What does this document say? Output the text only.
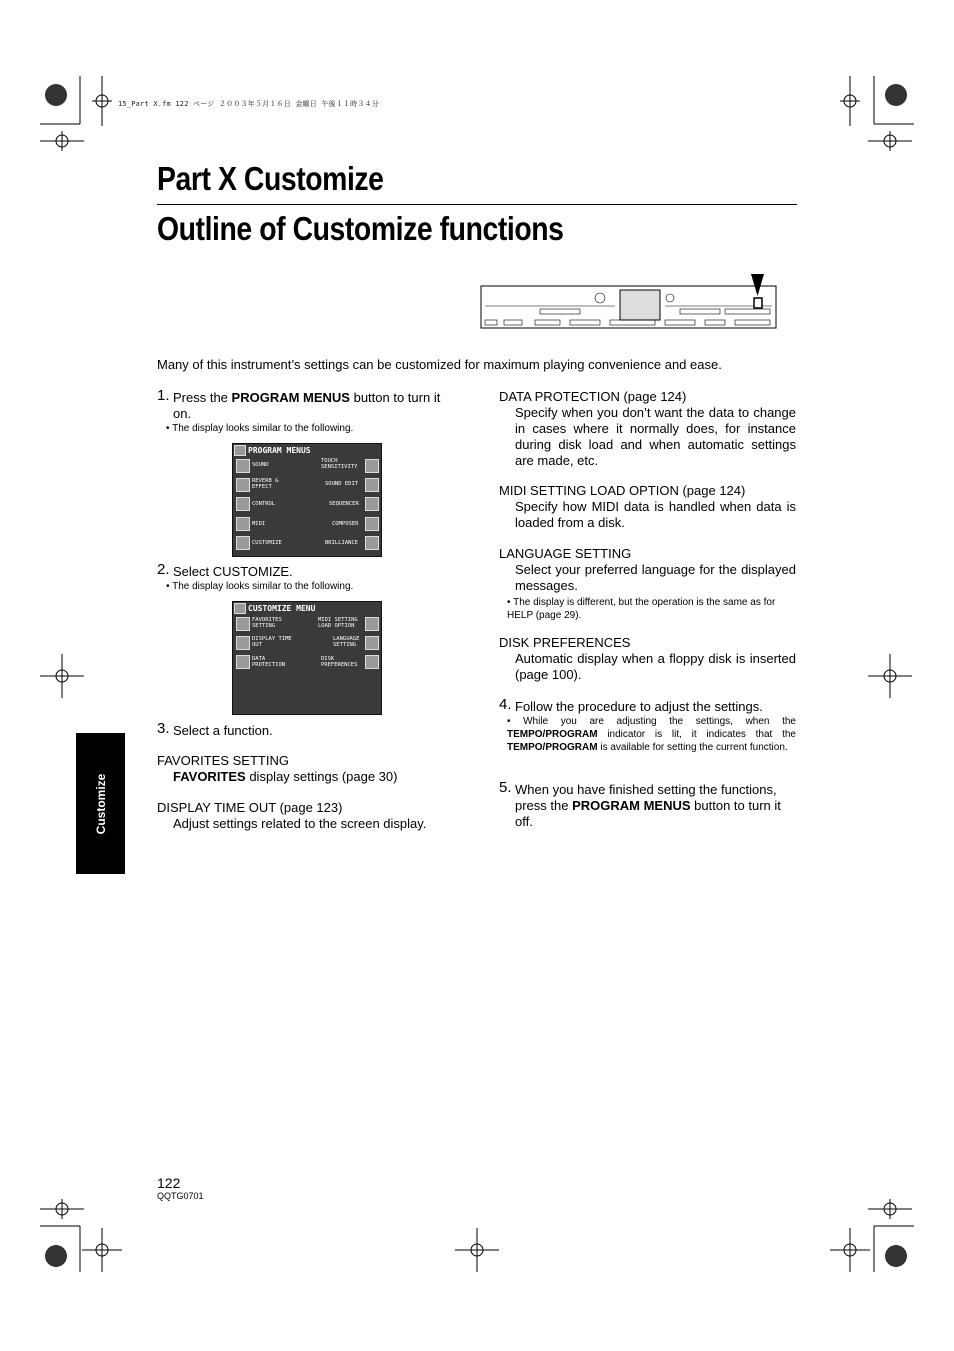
15_Part X.fm 122 ページ ２００３年５月１６日 金曜日 午後１１時３４分
Part X Customize
Outline of Customize functions
Many of this instrument’s settings can be customized for maximum playing convenience and ease.
1. Press the PROGRAM MENUS button to turn it on.
• The display looks similar to the following.
PROGRAM MENUS
SOUND
REVERB &
EFFECT
CONTROL
MIDI
CUSTOMIZE
TOUCH
SENSITIVITY
SOUND EDIT
SEQUENCER
COMPOSER
BRILLIANCE
2. Select CUSTOMIZE.
• The display looks similar to the following.
CUSTOMIZE MENU
FAVORITES
SETTING
DISPLAY TIME
OUT
DATA
PROTECTION
MIDI SETTING
LOAD OPTION
LANGUAGE
SETTING
DISK
PREFERENCES
3. Select a function.
FAVORITES SETTING
FAVORITES display settings (page 30)
DISPLAY TIME OUT (page 123)
Adjust settings related to the screen display.
Customize
DATA PROTECTION (page 124)
Specify when you don’t want the data to change in cases where it normally does, for instance during disk load and when automatic settings are made, etc.
MIDI SETTING LOAD OPTION (page 124)
Specify how MIDI data is handled when data is loaded from a disk.
LANGUAGE SETTING
Select your preferred language for the displayed messages.
• The display is different, but the operation is the same as for HELP (page 29).
DISK PREFERENCES
Automatic display when a floppy disk is inserted (page 100).
4. Follow the procedure to adjust the settings.
• While you are adjusting the settings, when the TEMPO/PROGRAM indicator is lit, it indicates that the TEMPO/PROGRAM is available for setting the current function.
5. When you have finished setting the functions, press the PROGRAM MENUS button to turn it off.
122
QQTG0701
